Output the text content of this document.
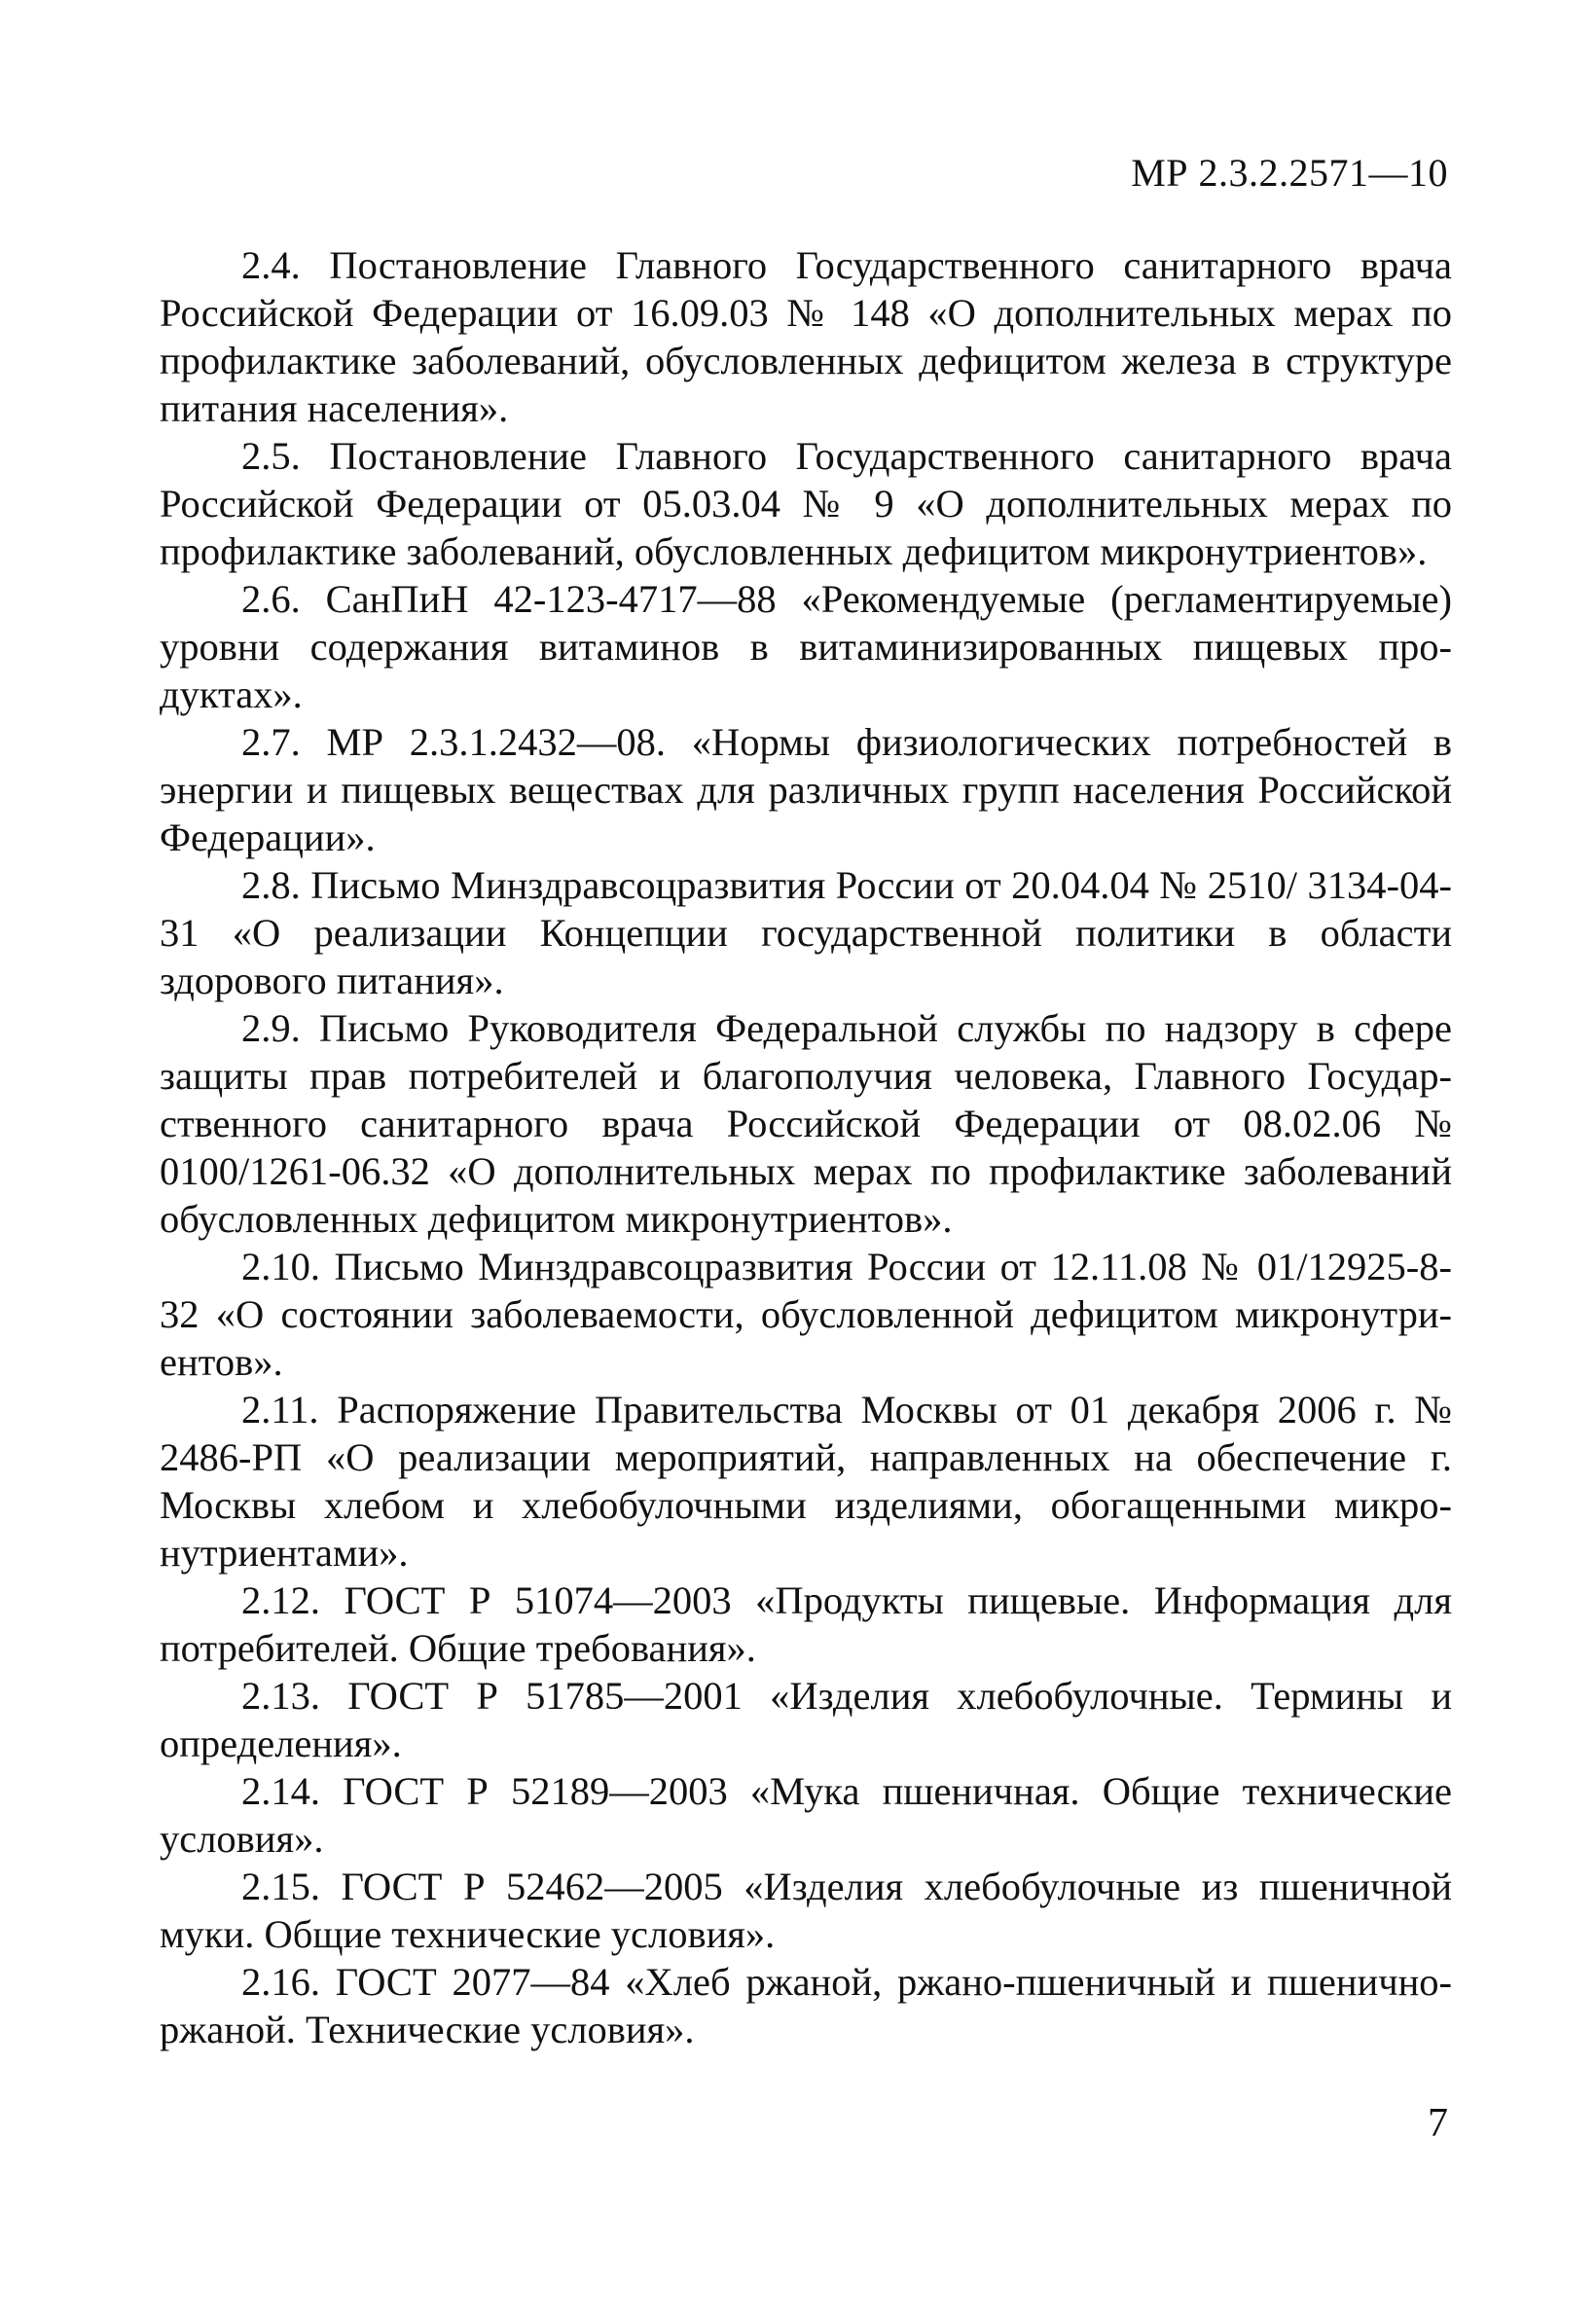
МР 2.3.2.2571—10

2.4. Постановление Главного Государственного санитарного врача Российской Федерации от 16.09.03 № 148 «О дополнительных мерах по профилактике заболеваний, обусловленных дефицитом железа в структуре питания населения».

2.5. Постановление Главного Государственного санитарного врача Российской Федерации от 05.03.04 № 9 «О дополнительных мерах по профилактике заболеваний, обусловленных дефицитом микронутриентов».

2.6. СанПиН 42-123-4717—88 «Рекомендуемые (регламентируемые) уровни содержания витаминов в витаминизированных пищевых продуктах».

2.7. МР 2.3.1.2432—08. «Нормы физиологических потребностей в энергии и пищевых веществах для различных групп населения Российской Федерации».

2.8. Письмо Минздравсоцразвития России от 20.04.04 № 2510/ 3134-04-31 «О реализации Концепции государственной политики в области здорового питания».

2.9. Письмо Руководителя Федеральной службы по надзору в сфере защиты прав потребителей и благополучия человека, Главного Государственного санитарного врача Российской Федерации от 08.02.06 № 0100/1261-06.32 «О дополнительных мерах по профилактике заболеваний обусловленных дефицитом микронутриентов».

2.10. Письмо Минздравсоцразвития России от 12.11.08 № 01/12925-8-32 «О состоянии заболеваемости, обусловленной дефицитом микронутриентов».

2.11. Распоряжение Правительства Москвы от 01 декабря 2006 г. № 2486-РП «О реализации мероприятий, направленных на обеспечение г. Москвы хлебом и хлебобулочными изделиями, обогащенными микронутриентами».

2.12. ГОСТ Р 51074—2003 «Продукты пищевые. Информация для потребителей. Общие требования».

2.13. ГОСТ Р 51785—2001 «Изделия хлебобулочные. Термины и определения».

2.14. ГОСТ Р 52189—2003 «Мука пшеничная. Общие технические условия».

2.15. ГОСТ Р 52462—2005 «Изделия хлебобулочные из пшеничной муки. Общие технические условия».

2.16. ГОСТ 2077—84 «Хлеб ржаной, ржано-пшеничный и пшенично-ржаной. Технические условия».

7
